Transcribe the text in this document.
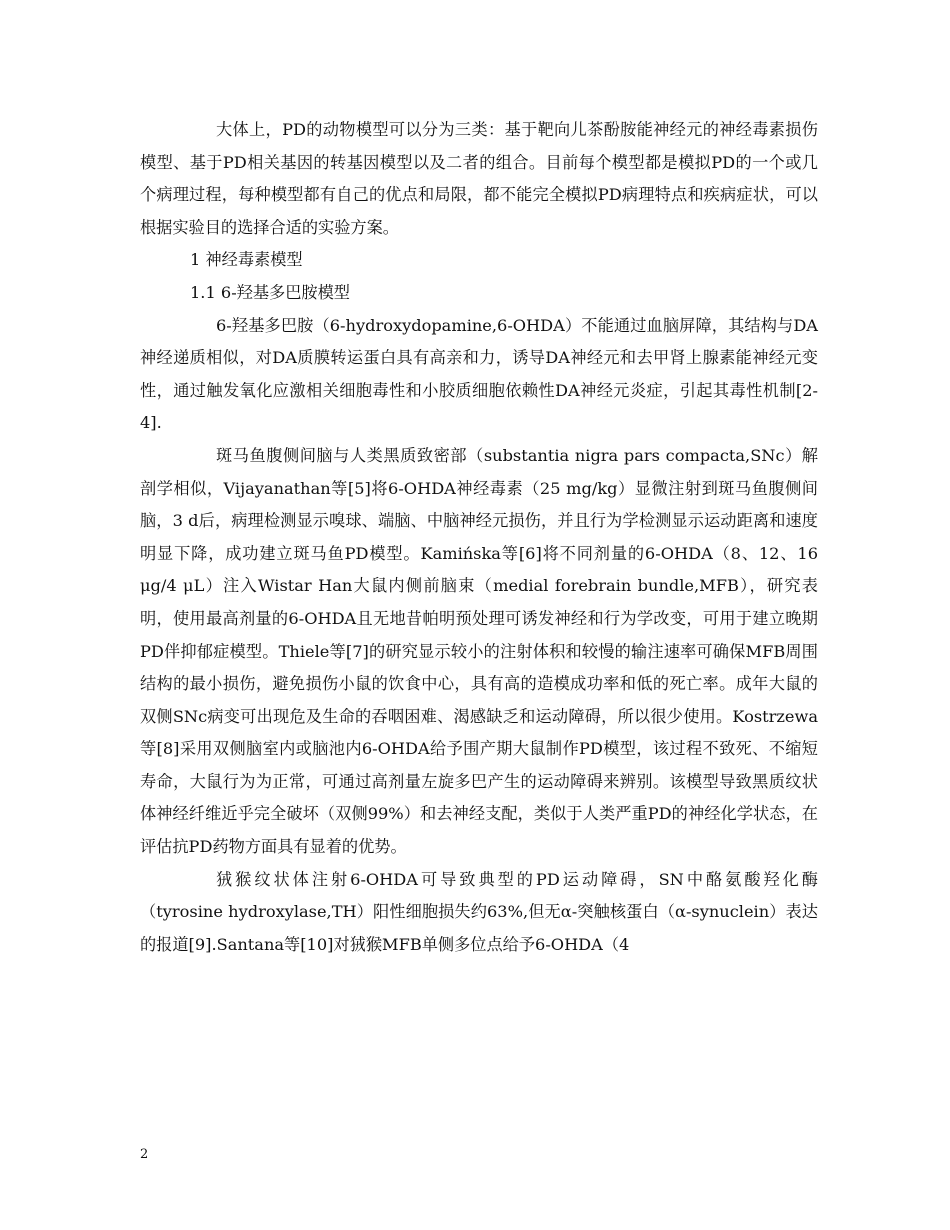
大体上，PD的动物模型可以分为三类：基于靶向儿茶酚胺能神经元的神经毒素损伤模型、基于PD相关基因的转基因模型以及二者的组合。目前每个模型都是模拟PD的一个或几个病理过程，每种模型都有自己的优点和局限，都不能完全模拟PD病理特点和疾病症状，可以根据实验目的选择合适的实验方案。

1 神经毒素模型

1.1 6-羟基多巴胺模型

6-羟基多巴胺（6-hydroxydopamine,6-OHDA）不能通过血脑屏障，其结构与DA神经递质相似，对DA质膜转运蛋白具有高亲和力，诱导DA神经元和去甲肾上腺素能神经元变性，通过触发氧化应激相关细胞毒性和小胶质细胞依赖性DA神经元炎症，引起其毒性机制[2-4].

斑马鱼腹侧间脑与人类黑质致密部（substantia nigra pars compacta,SNc）解剖学相似，Vijayanathan等[5]将6-OHDA神经毒素（25 mg/kg）显微注射到斑马鱼腹侧间脑，3 d后，病理检测显示嗅球、端脑、中脑神经元损伤，并且行为学检测显示运动距离和速度明显下降，成功建立斑马鱼PD模型。Kamińska等[6]将不同剂量的6-OHDA（8、12、16 μg/4 μL）注入Wistar Han大鼠内侧前脑束（medial forebrain bundle,MFB），研究表明，使用最高剂量的6-OHDA且无地昔帕明预处理可诱发神经和行为学改变，可用于建立晚期PD伴抑郁症模型。Thiele等[7]的研究显示较小的注射体积和较慢的输注速率可确保MFB周围结构的最小损伤，避免损伤小鼠的饮食中心，具有高的造模成功率和低的死亡率。成年大鼠的双侧SNc病变可出现危及生命的吞咽困难、渴感缺乏和运动障碍，所以很少使用。Kostrzewa等[8]采用双侧脑室内或脑池内6-OHDA给予围产期大鼠制作PD模型，该过程不致死、不缩短寿命，大鼠行为为正常，可通过高剂量左旋多巴产生的运动障碍来辨别。该模型导致黑质纹状体神经纤维近乎完全破坏（双侧99%）和去神经支配，类似于人类严重PD的神经化学状态，在评估抗PD药物方面具有显着的优势。

狨猴纹状体注射6-OHDA可导致典型的PD运动障碍，SN中酪氨酸羟化酶（tyrosine hydroxylase,TH）阳性细胞损失约63%,但无α-突触核蛋白（α-synuclein）表达的报道[9].Santana等[10]对狨猴MFB单侧多位点给予6-OHDA（4

2
